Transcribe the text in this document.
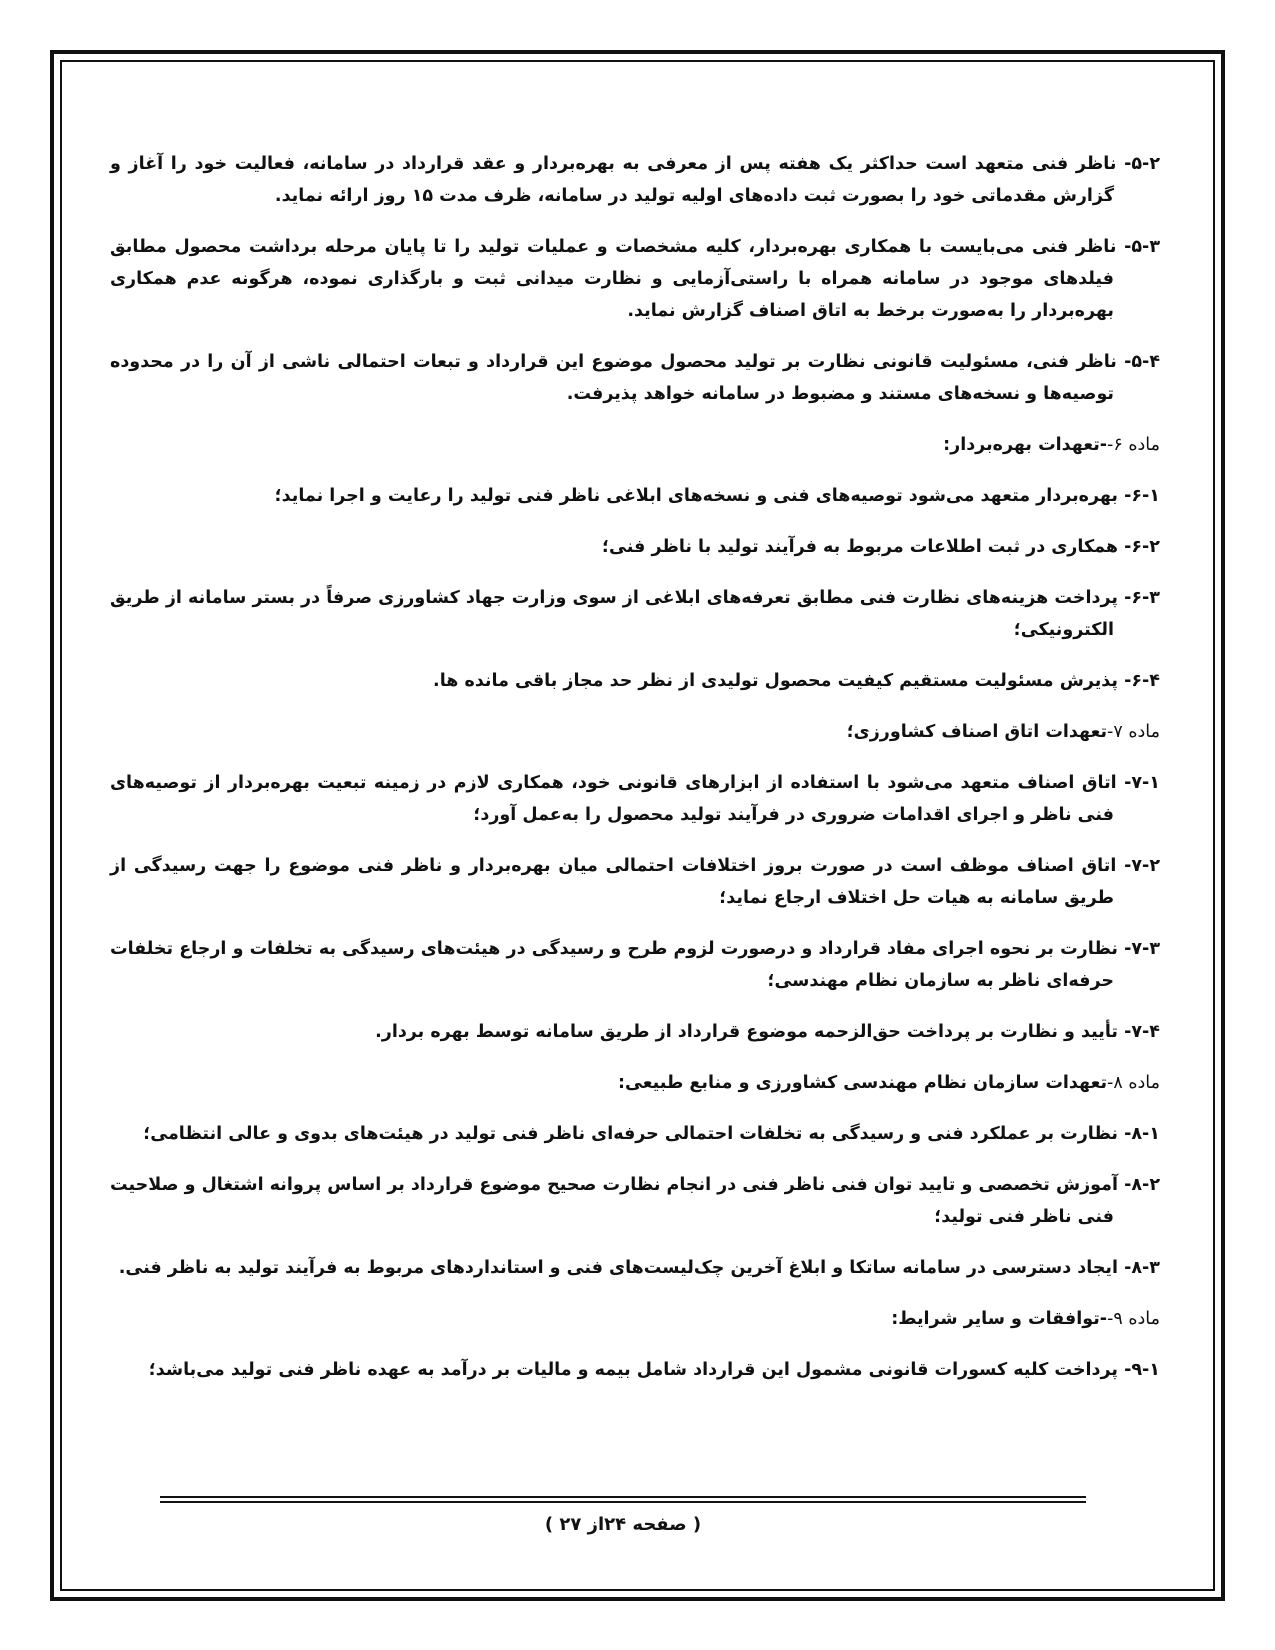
۵-۲- ناظر فنی متعهد است حداکثر یک هفته پس از معرفی به بهره‌بردار و عقد قرارداد در سامانه، فعالیت خود را آغاز و گزارش مقدماتی خود را بصورت ثبت داده‌های اولیه تولید در سامانه، ظرف مدت ۱۵ روز ارائه نماید.

۵-۳- ناظر فنی می‌بایست با همکاری بهره‌بردار، کلیه مشخصات و عملیات تولید را تا پایان مرحله برداشت محصول مطابق فیلدهای موجود در سامانه همراه با راستی‌آزمایی و نظارت میدانی ثبت و بارگذاری نموده، هرگونه عدم همکاری بهره‌بردار را به‌صورت برخط به اتاق اصناف گزارش نماید.

۵-۴- ناظر فنی، مسئولیت قانونی نظارت بر تولید محصول موضوع این قرارداد و تبعات احتمالی ناشی از آن را در محدوده توصیه‌ها و نسخه‌های مستند و مضبوط در سامانه خواهد پذیرفت.

ماده ۶--تعهدات بهره‌بردار:

۶-۱- بهره‌بردار متعهد می‌شود توصیه‌های فنی و نسخه‌های ابلاغی ناظر فنی تولید را رعایت و اجرا نماید؛

۶-۲- همکاری در ثبت اطلاعات مربوط به فرآیند تولید با ناظر فنی؛

۶-۳- پرداخت هزینه‌های نظارت فنی مطابق تعرفه‌های ابلاغی از سوی وزارت جهاد کشاورزی صرفاً در بستر سامانه از طریق الکترونیکی؛

۶-۴- پذیرش مسئولیت مستقیم کیفیت محصول تولیدی از نظر حد مجاز باقی مانده ها.

ماده ۷-تعهدات اتاق اصناف کشاورزی؛

۷-۱- اتاق اصناف متعهد می‌شود با استفاده از ابزارهای قانونی خود، همکاری لازم در زمینه تبعیت بهره‌بردار از توصیه‌های فنی ناظر و اجرای اقدامات ضروری در فرآیند تولید محصول را به‌عمل آورد؛

۷-۲- اتاق اصناف موظف است در صورت بروز اختلافات احتمالی میان بهره‌بردار و ناظر فنی موضوع را جهت رسیدگی از طریق سامانه به هیات حل اختلاف ارجاع نماید؛

۷-۳- نظارت بر نحوه اجرای مفاد قرارداد و درصورت لزوم طرح و رسیدگی در هیئت‌های رسیدگی به تخلفات و ارجاع تخلفات حرفه‌ای ناظر به سازمان نظام مهندسی؛

۷-۴- تأیید و نظارت بر پرداخت حق‌الزحمه موضوع قرارداد از طریق سامانه توسط بهره بردار.

ماده ۸-تعهدات سازمان نظام مهندسی کشاورزی و منابع طبیعی:

۸-۱- نظارت بر عملکرد فنی و رسیدگی به تخلفات احتمالی حرفه‌ای ناظر فنی تولید در هیئت‌های بدوی و عالی انتظامی؛

۸-۲- آموزش تخصصی و تایید توان فنی ناظر فنی در انجام نظارت صحیح موضوع قرارداد بر اساس پروانه اشتغال و صلاحیت فنی ناظر فنی تولید؛

۸-۳- ایجاد دسترسی در سامانه ساتکا و ابلاغ آخرین چک‌لیست‌های فنی و استانداردهای مربوط به فرآیند تولید به ناظر فنی.

ماده ۹--توافقات و سایر شرایط:

۹-۱- پرداخت کلیه کسورات قانونی مشمول این قرارداد شامل بیمه و مالیات بر درآمد به عهده ناظر فنی تولید می‌باشد؛

( صفحه ۲۴از ۲۷ )
